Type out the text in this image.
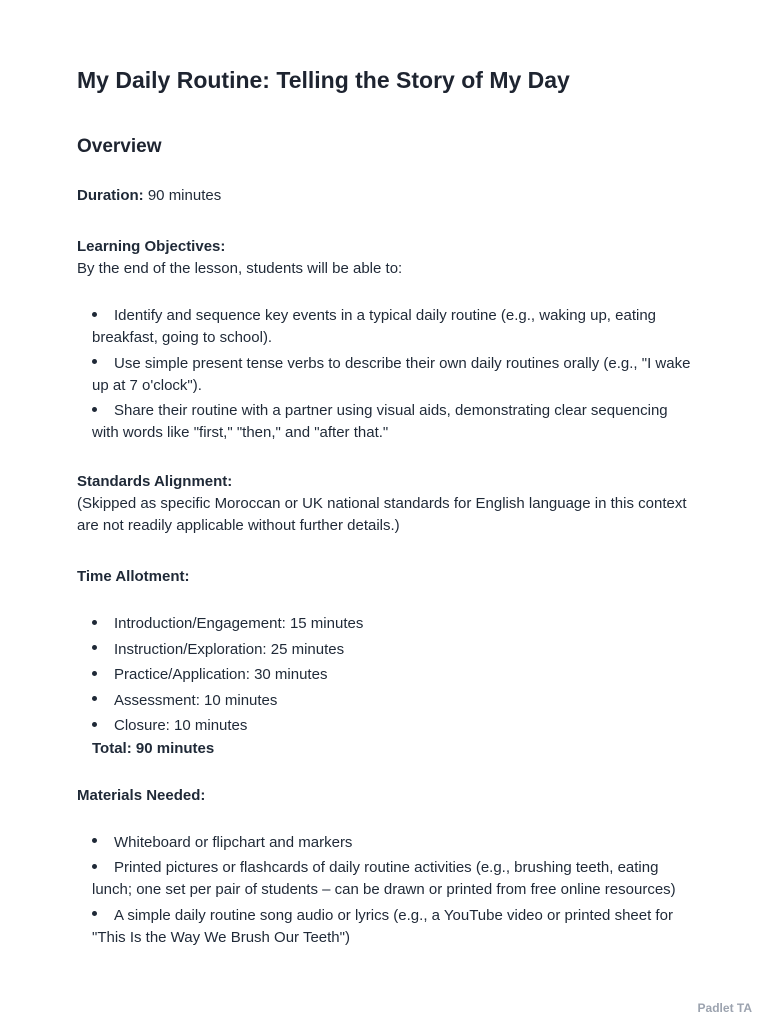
My Daily Routine: Telling the Story of My Day
Overview

Duration: 90 minutes

Learning Objectives:

By the end of the lesson, students will be able to:

Identify and sequence key events in a typical daily routine (e.g., waking up, eating breakfast, going to school).
Use simple present tense verbs to describe their own daily routines orally (e.g., "I wake up at 7 o'clock").
Share their routine with a partner using visual aids, demonstrating clear sequencing with words like "first," "then," and "after that."

Standards Alignment:

(Skipped as specific Moroccan or UK national standards for English language in this context are not readily applicable without further details.)

Time Allotment:

Introduction/Engagement: 15 minutes
Instruction/Exploration: 25 minutes
Practice/Application: 30 minutes
Assessment: 10 minutes
Closure: 10 minutes

Total: 90 minutes

Materials Needed:

Whiteboard or flipchart and markers
Printed pictures or flashcards of daily routine activities (e.g., brushing teeth, eating lunch; one set per pair of students – can be drawn or printed from free online resources)
A simple daily routine song audio or lyrics (e.g., a YouTube video or printed sheet for "This Is the Way We Brush Our Teeth")
Padlet TA
